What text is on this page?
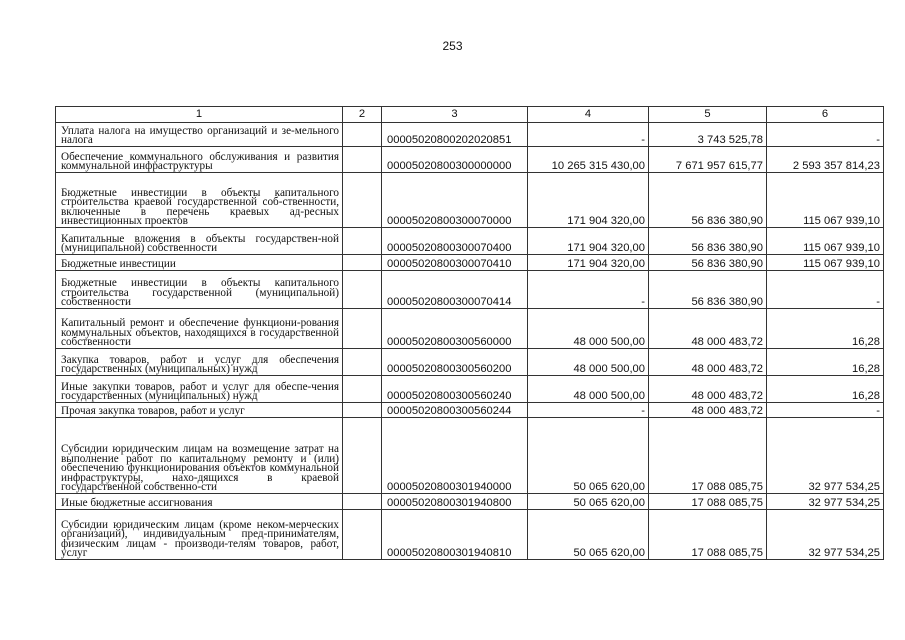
253
1	2	3	4	5	6
Уплата налога на имущество организаций и зе-мельного налога		00005020800202020851	-	3 743 525,78	-
Обеспечение коммунального обслуживания и развития коммунальной инфраструктуры		00005020800300000000	10 265 315 430,00	7 671 957 615,77	2 593 357 814,23
Бюджетные инвестиции в объекты капитального строительства краевой государственной соб-ственности, включенные в перечень краевых ад-ресных инвестиционных проектов		00005020800300070000	171 904 320,00	56 836 380,90	115 067 939,10
Капитальные вложения в объекты государствен-ной (муниципальной) собственности		00005020800300070400	171 904 320,00	56 836 380,90	115 067 939,10
Бюджетные инвестиции		00005020800300070410	171 904 320,00	56 836 380,90	115 067 939,10
Бюджетные инвестиции в объекты капитального строительства государственной (муниципальной) собственности		00005020800300070414	-	56 836 380,90	-
Капитальный ремонт и обеспечение функциони-рования коммунальных объектов, находящихся в государственной собственности		00005020800300560000	48 000 500,00	48 000 483,72	16,28
Закупка товаров, работ и услуг для обеспечения государственных (муниципальных) нужд		00005020800300560200	48 000 500,00	48 000 483,72	16,28
Иные закупки товаров, работ и услуг для обеспе-чения государственных (муниципальных) нужд		00005020800300560240	48 000 500,00	48 000 483,72	16,28
Прочая закупка товаров, работ и услуг		00005020800300560244	-	48 000 483,72	-
Субсидии юридическим лицам на возмещение затрат на выполнение работ по капитальному ремонту и (или) обеспечению функционирования объектов коммунальной инфраструктуры, нахо-дящихся в краевой государственной собственно-сти		00005020800301940000	50 065 620,00	17 088 085,75	32 977 534,25
Иные бюджетные ассигнования		00005020800301940800	50 065 620,00	17 088 085,75	32 977 534,25
Субсидии юридическим лицам (кроме неком-мерческих организаций), индивидуальным пред-принимателям, физическим лицам - производи-телям товаров, работ, услуг		00005020800301940810	50 065 620,00	17 088 085,75	32 977 534,25
